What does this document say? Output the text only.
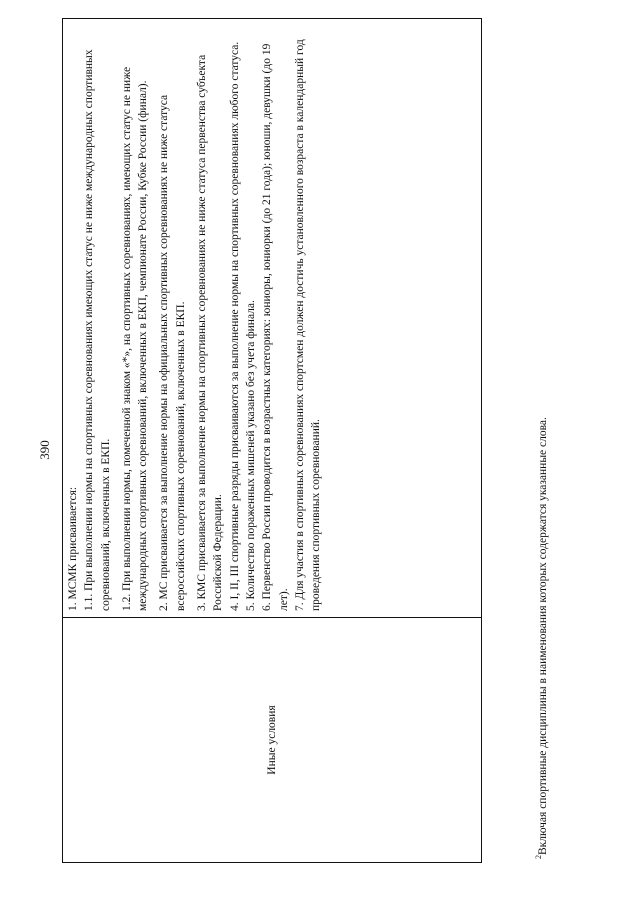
390
Иные условия	

1. МСМК присваивается: 1.1. При выполнении нормы на спортивных соревнованиях имеющих статус не ниже международных спортивных соревнований, включенных в ЕКП. 1.2. При выполнении нормы, помеченной знаком «*», на спортивных соревнованиях, имеющих статус не ниже международных спортивных соревнований, включенных в ЕКП, чемпионате России, Кубке России (финал). 2. МС присваивается за выполнение нормы на официальных спортивных соревнованиях не ниже статуса всероссийских спортивных соревнований, включенных в ЕКП. 3. КМС присваивается за выполнение нормы на спортивных соревнованиях не ниже статуса первенства субъекта Российской Федерации. 4. I, II, III спортивные разряды присваиваются за выполнение нормы на спортивных соревнованиях любого статуса. 5. Количество пораженных мишеней указано без учета финала. 6. Первенство России проводится в возрастных категориях: юниоры, юниорки (до 21 года); юноши, девушки (до 19 лет). 7. Для участия в спортивных соревнованиях спортсмен должен достичь установленного возраста в календарный год проведения спортивных соревнований.

$^2$Включая спортивные дисциплины в наименования которых содержатся указанные слова.
